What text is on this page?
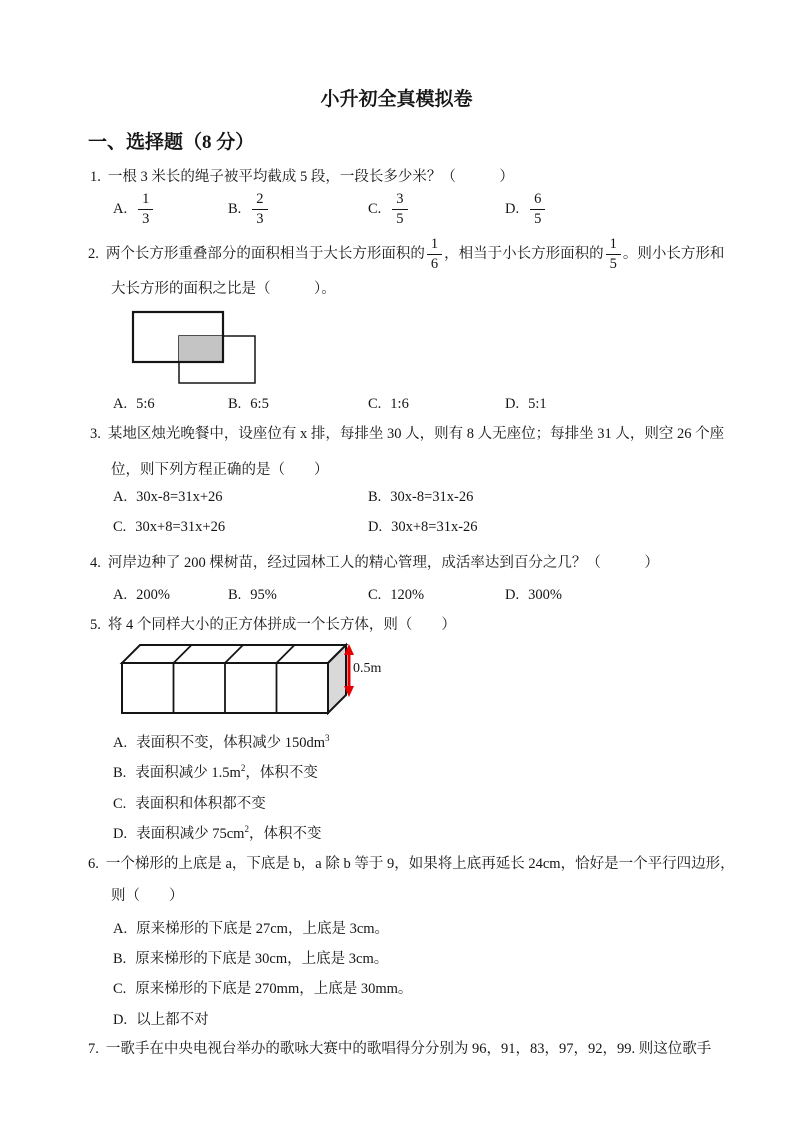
小升初全真模拟卷
一、选择题（8 分）
1. 一根 3 米长的绳子被平均截成 5 段，一段长多少米？（　　　）
A. $\frac{1}{3}$	B. $\frac{2}{3}$	C. $\frac{3}{5}$	D. $\frac{6}{5}$
2. 两个长方形重叠部分的面积相当于大长方形面积的 $\frac{1}{6}$ ，相当于小长方形面积的 $\frac{1}{5}$ 。则小长方形和
大长方形的面积之比是（　　　）。
A. 5:6	B. 6:5	C. 1:6	D. 5:1
3. 某地区烛光晚餐中，设座位有 x 排，每排坐 30 人，则有 8 人无座位；每排坐 31 人，则空 26 个座
位，则下列方程正确的是（　　）
A. 30x-8=31x+26	B. 30x-8=31x-26
C. 30x+8=31x+26	D. 30x+8=31x-26
4. 河岸边种了 200 棵树苗，经过园林工人的精心管理，成活率达到百分之几？（　　　）
A. 200%	B. 95%	C. 120%	D. 300%
5. 将 4 个同样大小的正方体拼成一个长方体，则（　　）
0.5m
A. 表面积不变，体积减少 $150dm^3$
B. 表面积减少 $1.5m^2$，体积不变
C. 表面积和体积都不变
D. 表面积减少 $75cm^2$，体积不变
6. 一个梯形的上底是 a，下底是 b，a 除 b 等于 9，如果将上底再延长 24cm，恰好是一个平行四边形，
则（　　）
A. 原来梯形的下底是 27cm，上底是 3cm。
B. 原来梯形的下底是 30cm，上底是 3cm。
C. 原来梯形的下底是 270mm，上底是 30mm。
D. 以上都不对
7. 一歌手在中央电视台举办的歌咏大赛中的歌唱得分分别为 96，91，83，97，92，99. 则这位歌手
